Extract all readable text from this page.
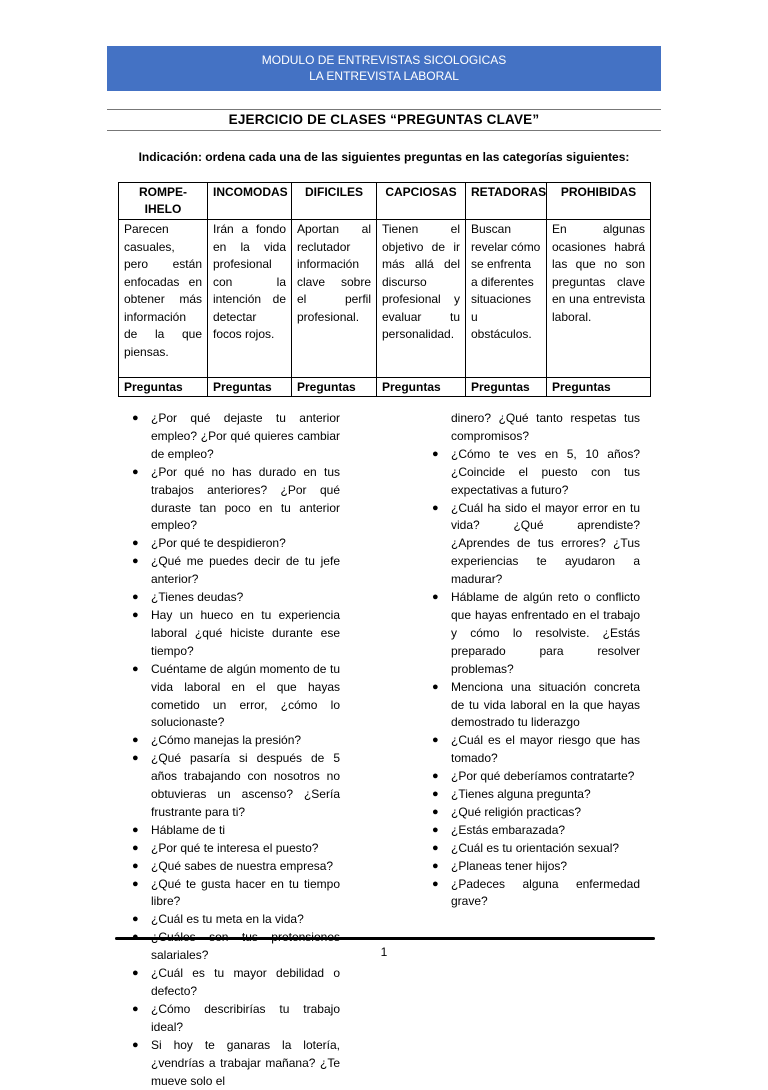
MODULO DE ENTREVISTAS SICOLOGICAS
LA ENTREVISTA LABORAL
EJERCICIO DE CLASES “PREGUNTAS CLAVE”
Indicación: ordena cada una de las siguientes preguntas en las categorías siguientes:
ROMPE-IHELO	INCOMODAS	DIFICILES	CAPCIOSAS	RETADORAS	PROHIBIDAS
Parecen casuales, pero están enfocadas en obtener más información de la que piensas.	Irán a fondo en la vida profesional con la intención de detectar focos rojos.	Aportan al reclutador información clave sobre el perfil profesional.	Tienen el objetivo de ir más allá del discurso profesional y evaluar tu personalidad.	Buscan revelar cómo se enfrenta a diferentes situaciones u obstáculos.	En algunas ocasiones habrá las que no son preguntas clave en una entrevista laboral.
Preguntas	Preguntas	Preguntas	Preguntas	Preguntas	Preguntas
● ¿Por qué dejaste tu anterior empleo? ¿Por qué quieres cambiar de empleo?
● ¿Por qué no has durado en tus trabajos anteriores? ¿Por qué duraste tan poco en tu anterior empleo?
● ¿Por qué te despidieron?
● ¿Qué me puedes decir de tu jefe anterior?
● ¿Tienes deudas?
● Hay un hueco en tu experiencia laboral ¿qué hiciste durante ese tiempo?
● Cuéntame de algún momento de tu vida laboral en el que hayas cometido un error, ¿cómo lo solucionaste?
● ¿Cómo manejas la presión?
● ¿Qué pasaría si después de 5 años trabajando con nosotros no obtuvieras un ascenso? ¿Sería frustrante para ti?
● Háblame de ti
● ¿Por qué te interesa el puesto?
● ¿Qué sabes de nuestra empresa?
● ¿Qué te gusta hacer en tu tiempo libre?
● ¿Cuál es tu meta en la vida?
salariales?
● ¿Cuál es tu mayor debilidad o defecto?
● ¿Cómo describirías tu trabajo ideal?
● Si hoy te ganaras la lotería, ¿vendrías a trabajar mañana? ¿Te mueve solo el
dinero? ¿Qué tanto respetas tus compromisos?
● ¿Cómo te ves en 5, 10 años? ¿Coincide el puesto con tus expectativas a futuro?
● ¿Cuál ha sido el mayor error en tu vida? ¿Qué aprendiste? ¿Aprendes de tus errores? ¿Tus experiencias te ayudaron a madurar?
● Háblame de algún reto o conflicto que hayas enfrentado en el trabajo y cómo lo resolviste. ¿Estás preparado para resolver problemas?
● Menciona una situación concreta de tu vida laboral en la que hayas demostrado tu liderazgo
● ¿Cuál es el mayor riesgo que has tomado?
● ¿Por qué deberíamos contratarte?
● ¿Tienes alguna pregunta?
● ¿Qué religión practicas?
● ¿Estás embarazada?
● ¿Cuál es tu orientación sexual?
● ¿Planeas tener hijos?
● ¿Padeces alguna enfermedad grave?
1
